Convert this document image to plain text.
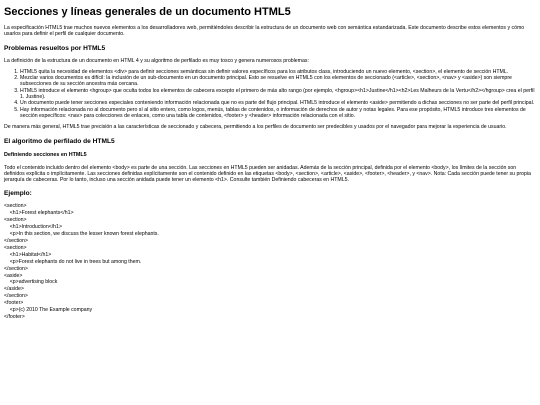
Secciones y líneas generales de un documento HTML5

La especificación HTML5 trae muchos nuevos elementos a los desarrolladores web, permitiéndoles describir la estructura de un documento web con semántica estandarizada. Este documento describe estos elementos y cómo usarlos para definir el perfil de cualquier documento.

Problemas resueltos por HTML5

La definición de la estructura de un documento en HTML 4 y su algoritmo de perfilado es muy tosco y genera numerosos problemas:

1. HTML5 quita la necesidad de elementos <div> para definir secciones semánticas sin definir valores específicos para los atributos class, introduciendo un nuevo elemento, <section>, el elemento de sección HTML.
2. Mezclar varios documentos es difícil: la inclusión de un sub-documento en un documento principal. Esto se resuelve en HTML5 con los elementos de seccionado (<article>, <section>, <nav> y <aside>) son siempre subsecciones de su sección ancestra más cercana.
3. HTML5 introduce el elemento <hgroup> que oculta todos los elementos de cabecera excepto el primero de más alto rango (por ejemplo, <hgroup><h1>Justine</h1><h2>Les Malheurs de la Vertu</h2></hgroup> crea el perfil 1. Justine).
4. Un documento puede tener secciones especiales conteniendo información relacionada que no es parte del flujo principal. HTML5 introduce el elemento <aside> permitiendo a dichas secciones no ser parte del perfil principal.
5. Hay información relacionada no al documento pero sí al sitio entero, como logos, menús, tablas de contenidos, o información de derechos de autor y notas legales. Para ese propósito, HTML5 introduce tres elementos de sección específicos: <nav> para colecciones de enlaces, como una tabla de contenidos, <footer> y <header> información relacionada con el sitio.

De manera más general, HTML5 trae precisión a las características de seccionado y cabecera, permitiendo a los perfiles de documento ser predecibles y usados por el navegador para mejorar la experiencia de usuario.

El algoritmo de perfilado de HTML5
Definiendo secciones en HTML5

Todo el contenido incluido dentro del elemento <body> es parte de una sección. Las secciones en HTML5 pueden ser anidadas. Además de la sección principal, definida por el elemento <body>, los límites de la sección son definidos explícita o implícitamente. Las secciones definidas explícitamente son el contenido definido en las etiquetas <body>, <section>, <article>, <aside>, <footer>, <header>, y <nav>. Nota: Cada sección puede tener su propia jerarquía de cabeceras. Por lo tanto, incluso una sección anidada puede tener un elemento <h1>. Consulte también Definiendo cabeceras en HTML5.

Ejemplo:
<section>
<h1>Forest elephants</h1>
<section>
<h1>Introduction</h1>
<p>In this section, we discuss the lesser known forest elephants.
</section>
<section>
<h1>Habitat</h1>
<p>Forest elephants do not live in trees but among them.
</section>
<aside>
<p>advertising block
</aside>
</section>
<footer>
<p>(c) 2010 The Example company
</footer>
